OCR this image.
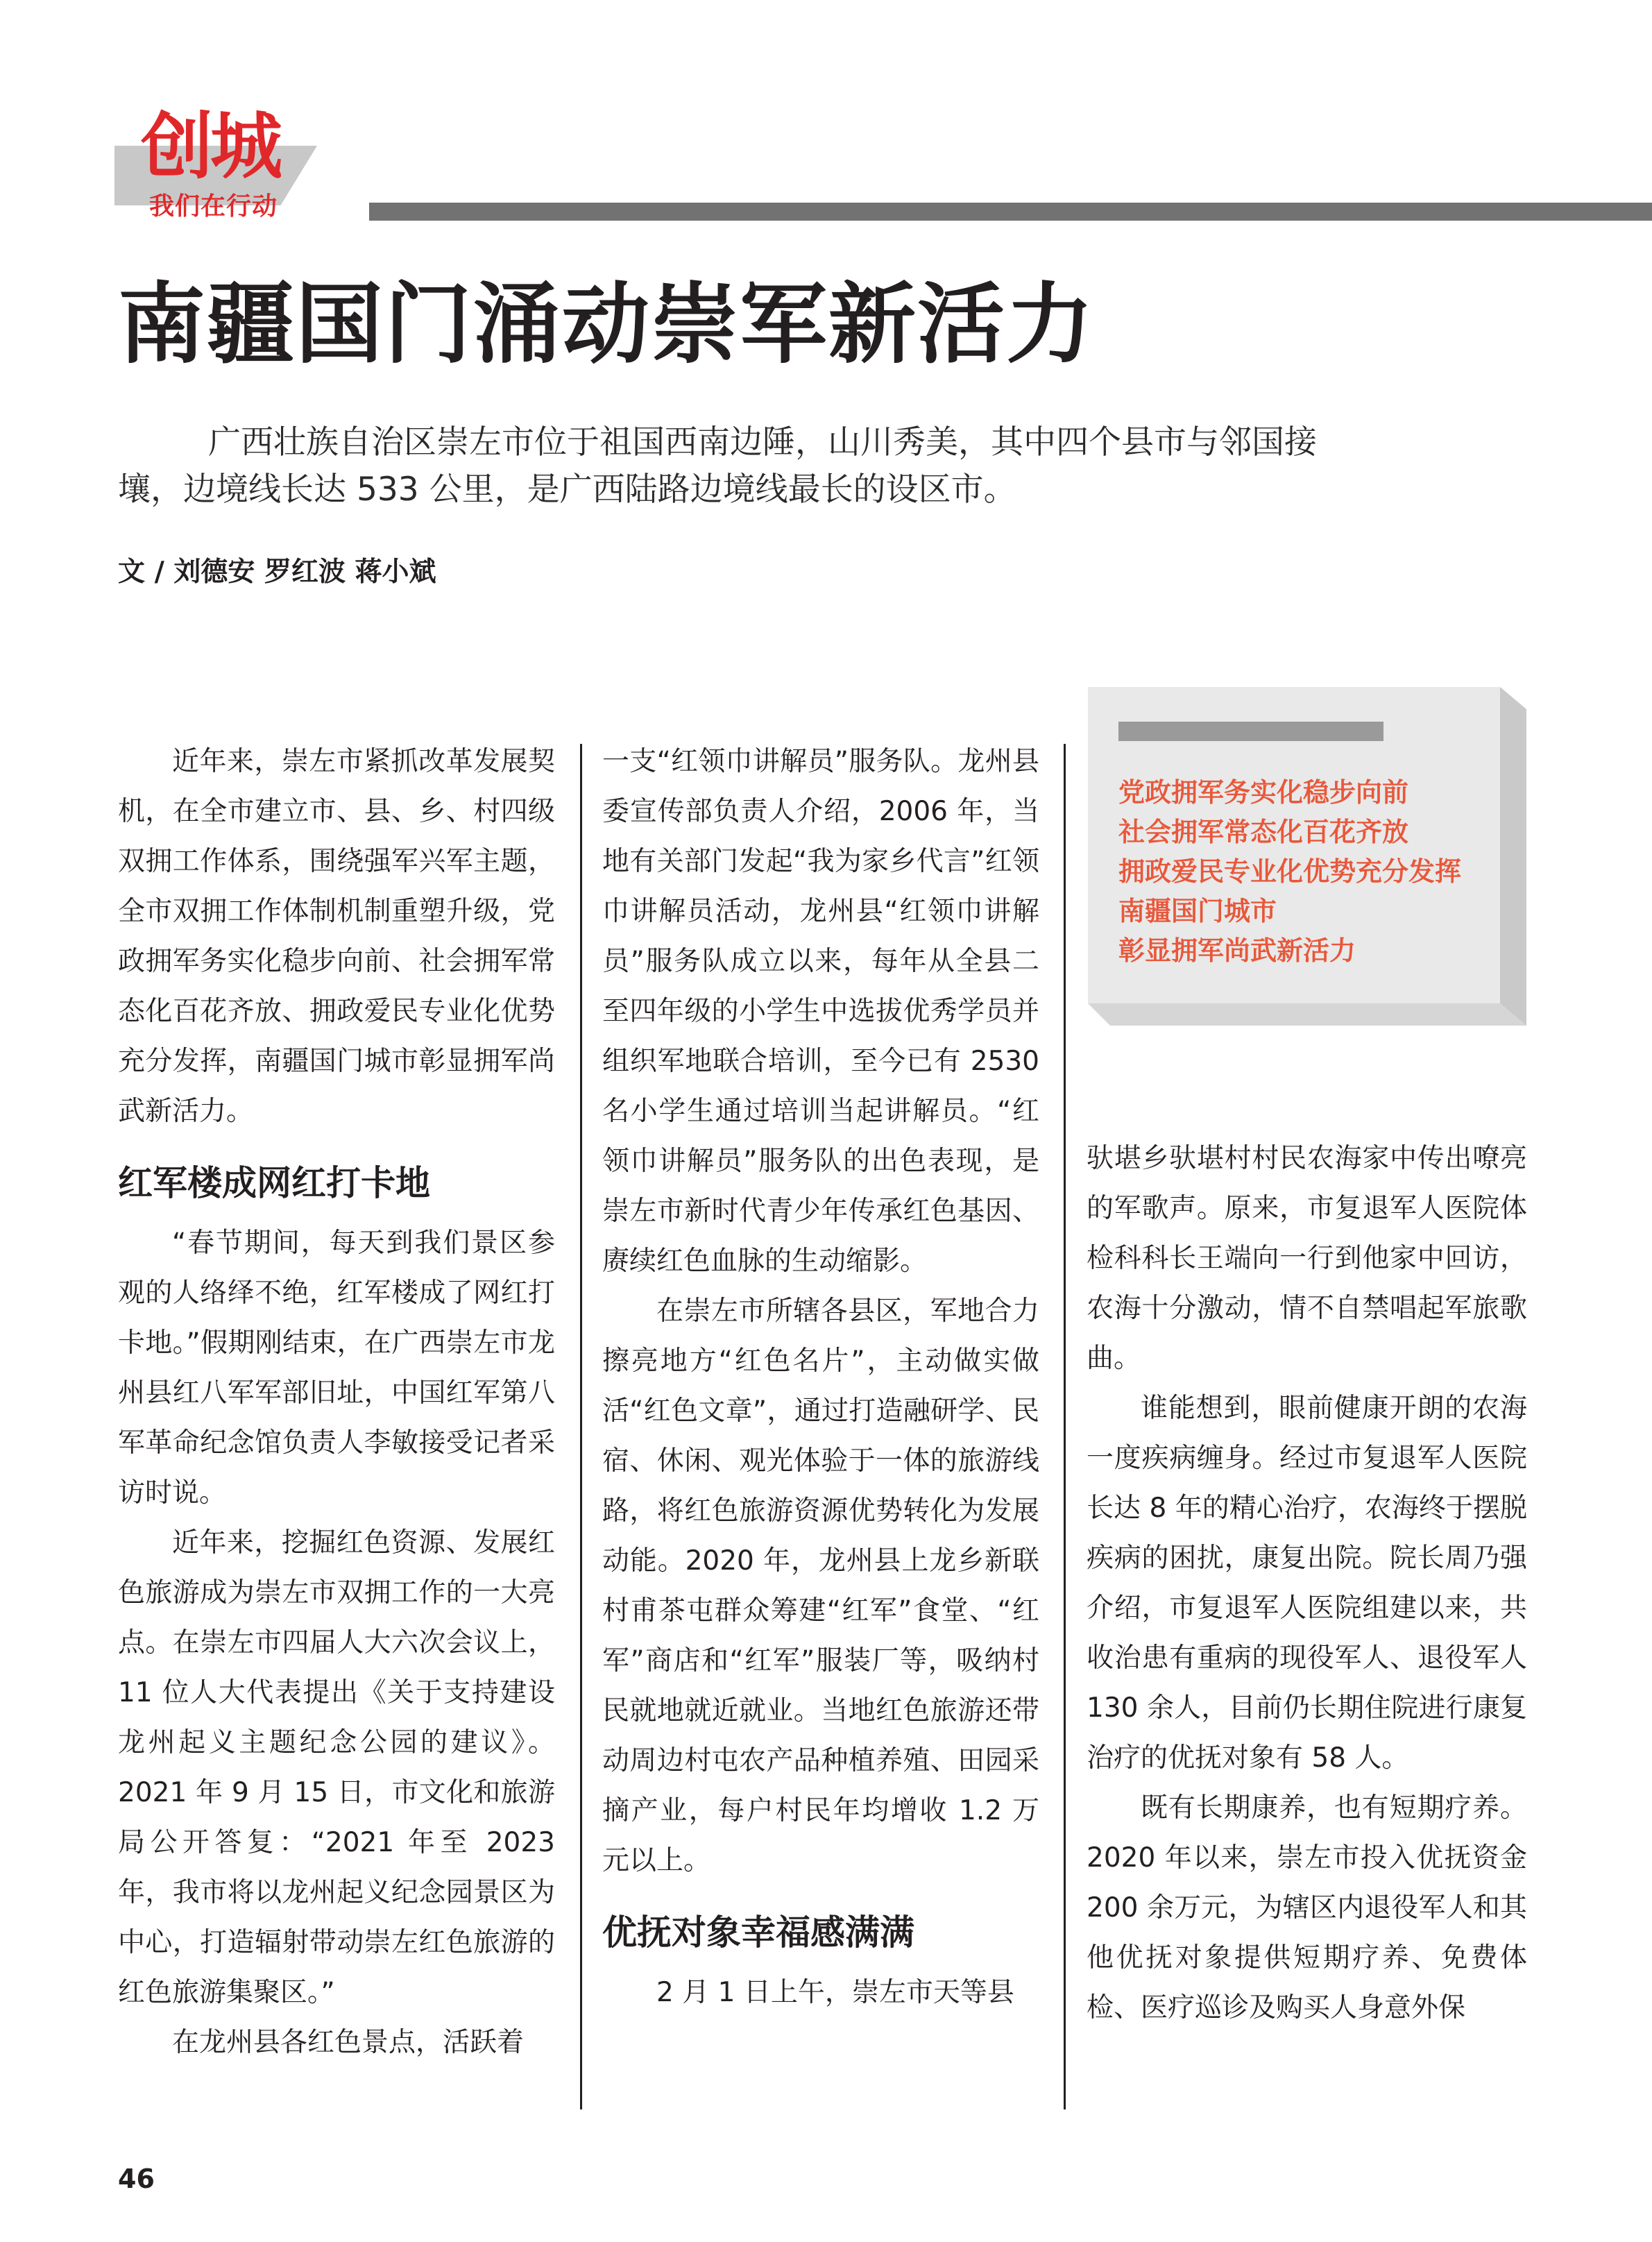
创城
我们在行动
南疆国门涌动崇军新活力
广西壮族自治区崇左市位于祖国西南边陲，山川秀美，其中四个县市与邻国接壤，边境线长达 533 公里，是广西陆路边境线最长的设区市。
文 / 刘德安 罗红波 蒋小斌

近年来，崇左市紧抓改革发展契机，在全市建立市、县、乡、村四级双拥工作体系，围绕强军兴军主题，全市双拥工作体制机制重塑升级，党政拥军务实化稳步向前、社会拥军常态化百花齐放、拥政爱民专业化优势充分发挥，南疆国门城市彰显拥军尚武新活力。

红军楼成网红打卡地

“春节期间，每天到我们景区参观的人络绎不绝，红军楼成了网红打卡地。”假期刚结束，在广西崇左市龙州县红八军军部旧址，中国红军第八军革命纪念馆负责人李敏接受记者采访时说。

近年来，挖掘红色资源、发展红色旅游成为崇左市双拥工作的一大亮点。在崇左市四届人大六次会议上，11 位人大代表提出《关于支持建设龙州起义主题纪念公园的建议》。2021 年 9 月 15 日，市文化和旅游局公开答复：“2021 年至 2023 年，我市将以龙州起义纪念园景区为中心，打造辐射带动崇左红色旅游的红色旅游集聚区。”

在龙州县各红色景点，活跃着

一支“红领巾讲解员”服务队。龙州县委宣传部负责人介绍，2006 年，当地有关部门发起“我为家乡代言”红领巾讲解员活动，龙州县“红领巾讲解员”服务队成立以来，每年从全县二至四年级的小学生中选拔优秀学员并组织军地联合培训，至今已有 2530 名小学生通过培训当起讲解员。“红领巾讲解员”服务队的出色表现，是崇左市新时代青少年传承红色基因、赓续红色血脉的生动缩影。

在崇左市所辖各县区，军地合力擦亮地方“红色名片”，主动做实做活“红色文章”，通过打造融研学、民宿、休闲、观光体验于一体的旅游线路，将红色旅游资源优势转化为发展动能。2020 年，龙州县上龙乡新联村甫茶屯群众筹建“红军”食堂、“红军”商店和“红军”服装厂等，吸纳村民就地就近就业。当地红色旅游还带动周边村屯农产品种植养殖、田园采摘产业，每户村民年均增收 1.2 万元以上。

优抚对象幸福感满满

2 月 1 日上午，崇左市天等县

党政拥军务实化稳步向前
社会拥军常态化百花齐放
拥政爱民专业化优势充分发挥
南疆国门城市
彰显拥军尚武新活力

驮堪乡驮堪村村民农海家中传出嘹亮的军歌声。原来，市复退军人医院体检科科长王端向一行到他家中回访，农海十分激动，情不自禁唱起军旅歌曲。

谁能想到，眼前健康开朗的农海一度疾病缠身。经过市复退军人医院长达 8 年的精心治疗，农海终于摆脱疾病的困扰，康复出院。院长周乃强介绍，市复退军人医院组建以来，共收治患有重病的现役军人、退役军人 130 余人，目前仍长期住院进行康复治疗的优抚对象有 58 人。

既有长期康养，也有短期疗养。2020 年以来，崇左市投入优抚资金 200 余万元，为辖区内退役军人和其他优抚对象提供短期疗养、免费体检、医疗巡诊及购买人身意外保

46
